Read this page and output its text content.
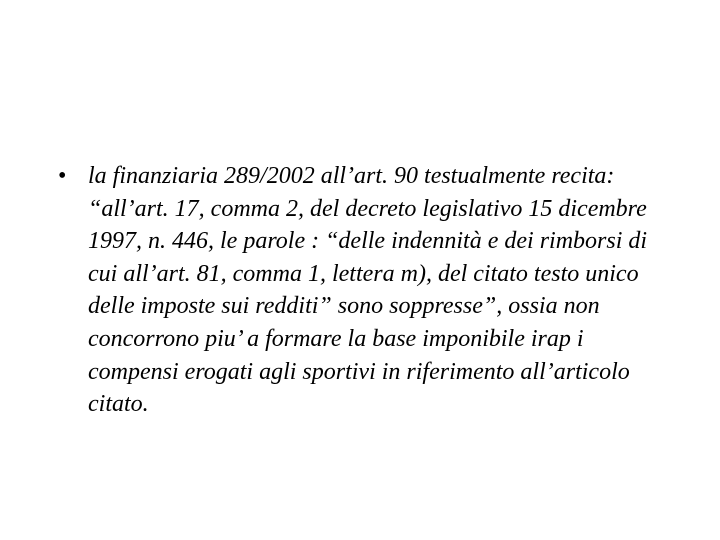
• la finanziaria 289/2002 all’art. 90 testualmente recita: “all’art. 17, comma 2, del decreto legislativo 15 dicembre 1997, n. 446, le parole : “delle indennità e dei rimborsi di cui all’art. 81, comma 1, lettera m), del citato testo unico delle imposte sui redditi” sono soppresse”, ossia non concorrono piu’ a formare la base imponibile irap i compensi erogati agli sportivi in riferimento all’articolo citato.
